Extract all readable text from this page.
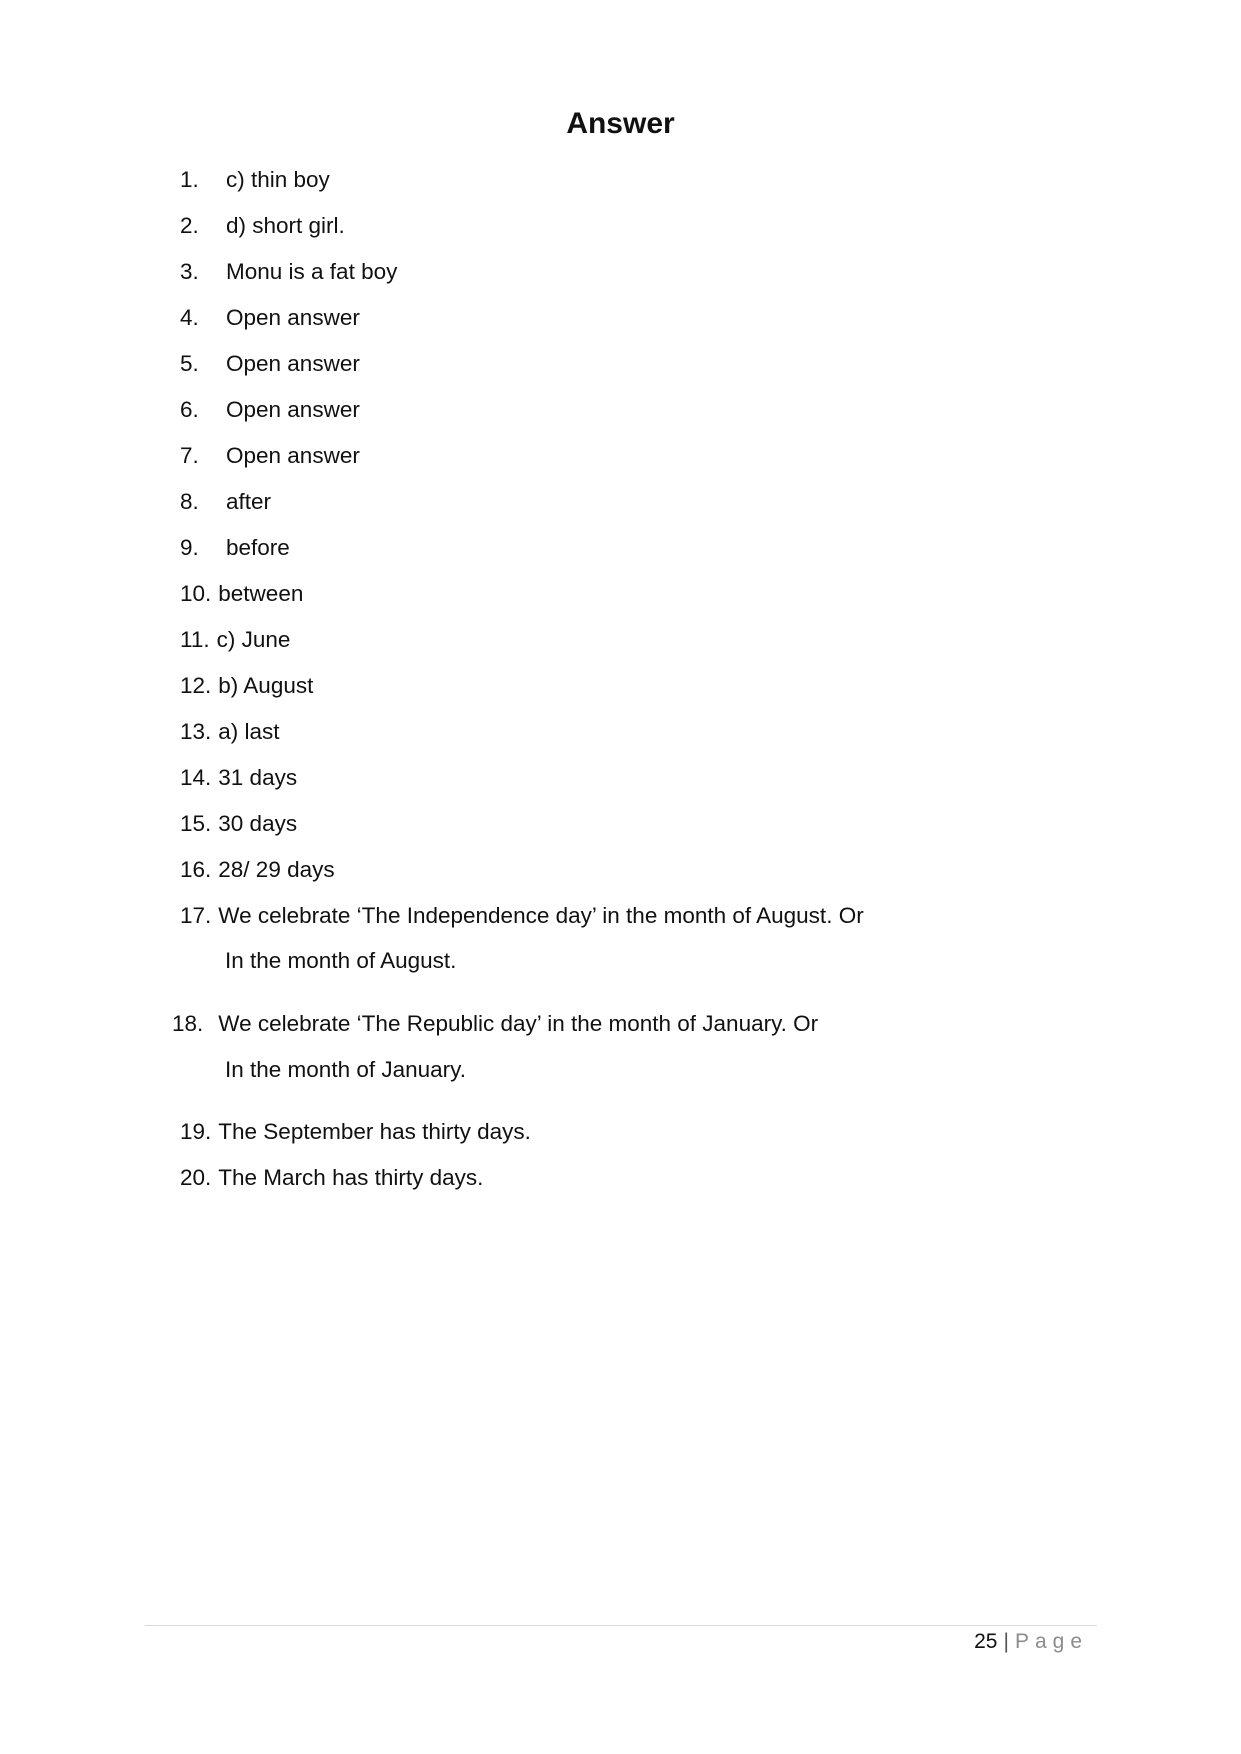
Answer
1. c) thin boy
2. d) short girl.
3. Monu is a fat boy
4. Open answer
5. Open answer
6. Open answer
7. Open answer
8. after
9. before
10. between
11. c) June
12. b) August
13. a) last
14. 31 days
15. 30 days
16. 28/ 29 days
17. We celebrate ‘The Independence day’ in the month of August. Or
In the month of August.
18. We celebrate ‘The Republic day’ in the month of January. Or
In the month of January.
19. The September has thirty days.
20. The March has thirty days.
25 | Page
